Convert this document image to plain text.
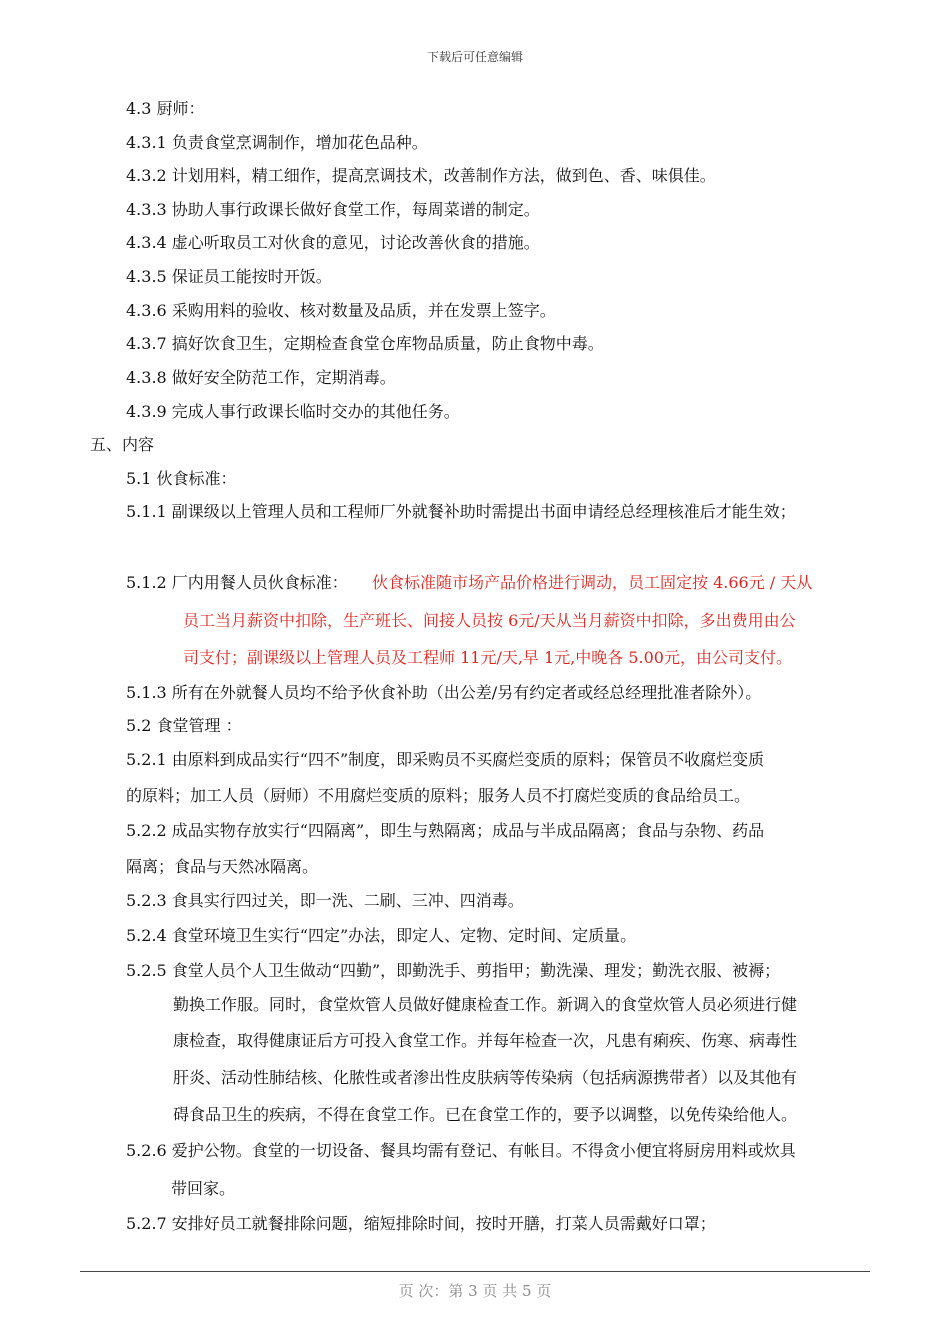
下载后可任意编辑
4.3 厨师：
4.3.1 负责食堂烹调制作，增加花色品种。
4.3.2 计划用料，精工细作，提高烹调技术，改善制作方法，做到色、香、味俱佳。
4.3.3 协助人事行政课长做好食堂工作，每周菜谱的制定。
4.3.4 虚心听取员工对伙食的意见，讨论改善伙食的措施。
4.3.5 保证员工能按时开饭。
4.3.6 采购用料的验收、核对数量及品质，并在发票上签字。
4.3.7 搞好饮食卫生，定期检查食堂仓库物品质量，防止食物中毒。
4.3.8 做好安全防范工作，定期消毒。
4.3.9 完成人事行政课长临时交办的其他任务。
五、内容
5.1 伙食标准：
5.1.1 副课级以上管理人员和工程师厂外就餐补助时需提出书面申请经总经理核准后才能生效；
5.1.2 厂内用餐人员伙食标准： 伙食标准随市场产品价格进行调动，员工固定按 4.66元 / 天从
员工当月薪资中扣除，生产班长、间接人员按 6元/天从当月薪资中扣除，多出费用由公
司支付；副课级以上管理人员及工程师 11元/天,早 1元,中晚各 5.00元，由公司支付。
5.1.3 所有在外就餐人员均不给予伙食补助（出公差/另有约定者或经总经理批准者除外）。
5.2 食堂管理 ：
5.2.1 由原料到成品实行“四不”制度，即采购员不买腐烂变质的原料；保管员不收腐烂变质
的原料；加工人员（厨师）不用腐烂变质的原料；服务人员不打腐烂变质的食品给员工。
5.2.2 成品实物存放实行“四隔离”，即生与熟隔离；成品与半成品隔离；食品与杂物、药品
隔离；食品与天然冰隔离。
5.2.3 食具实行四过关，即一洗、二刷、三冲、四消毒。
5.2.4 食堂环境卫生实行“四定”办法，即定人、定物、定时间、定质量。
5.2.5 食堂人员个人卫生做动“四勤”，即勤洗手、剪指甲；勤洗澡、理发；勤洗衣服、被褥；
勤换工作服。同时，食堂炊管人员做好健康检查工作。新调入的食堂炊管人员必须进行健
康检查，取得健康证后方可投入食堂工作。并每年检查一次，凡患有痢疾、伤寒、病毒性
肝炎、活动性肺结核、化脓性或者渗出性皮肤病等传染病（包括病源携带者）以及其他有
碍食品卫生的疾病，不得在食堂工作。已在食堂工作的，要予以调整，以免传染给他人。
5.2.6 爱护公物。食堂的一切设备、餐具均需有登记、有帐目。不得贪小便宜将厨房用料或炊具
带回家。
5.2.7 安排好员工就餐排除问题，缩短排除时间，按时开膳，打菜人员需戴好口罩；
页 次：第 3 页 共 5 页
